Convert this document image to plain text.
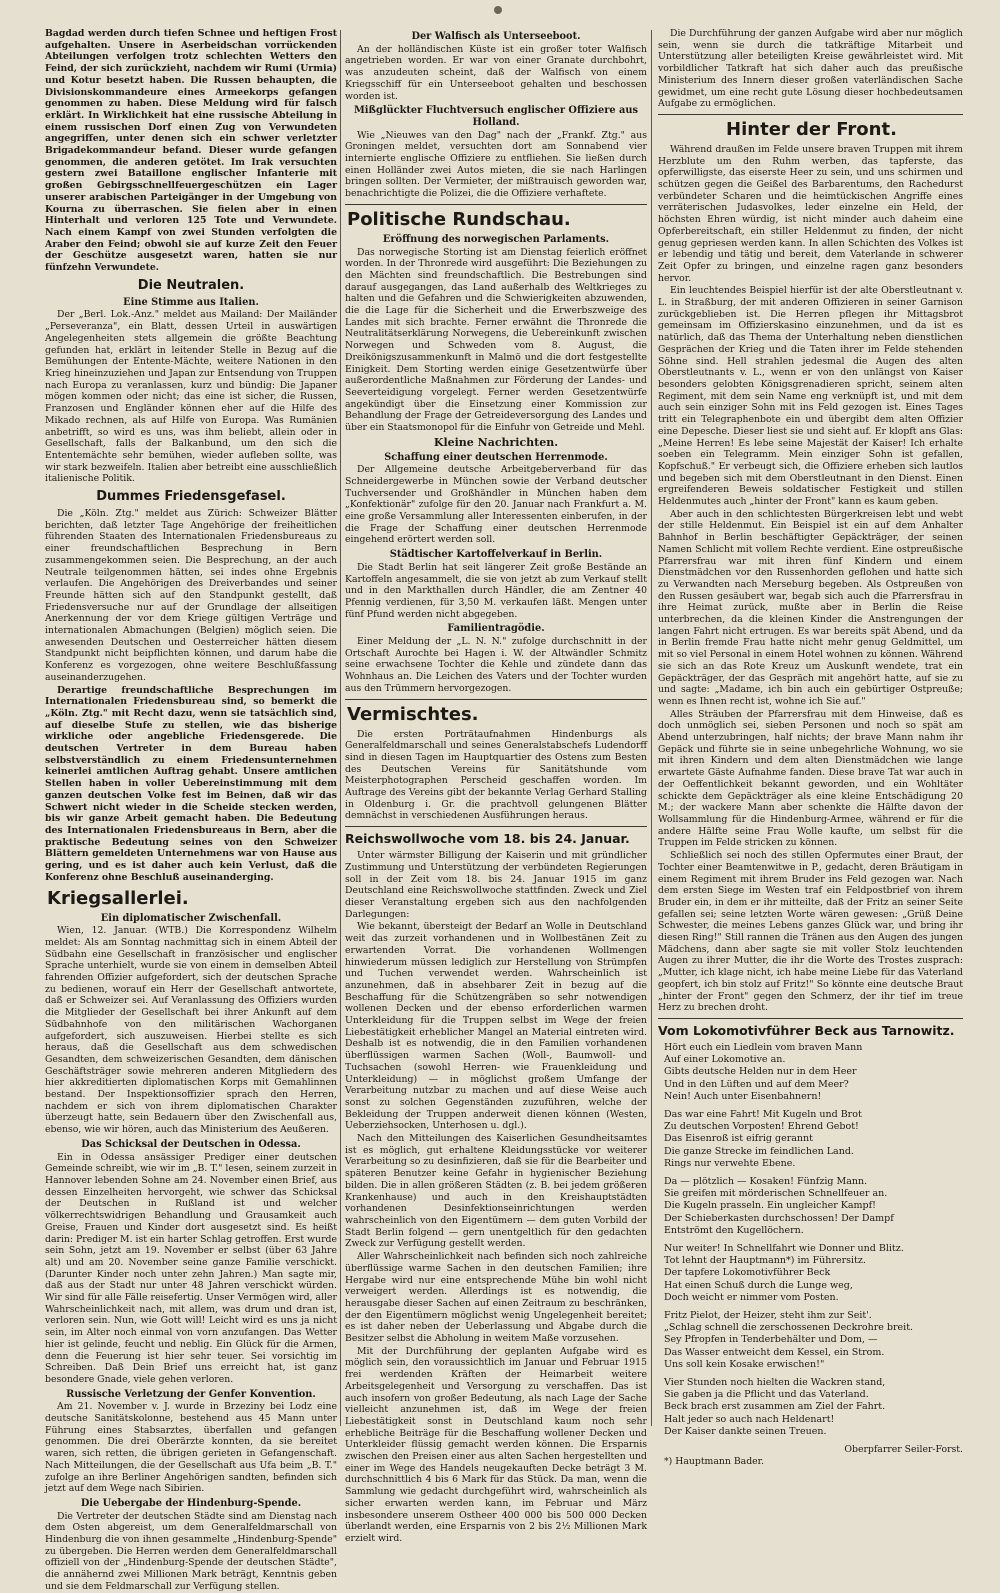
Bagdad werden durch tiefen Schnee und heftigen Frost aufgehalten. Unsere in Aserbeidschan vorrückenden Abteilungen verfolgen trotz schlechten Wetters den Feind, der sich zurückzieht, nachdem wir Rumi (Urmia) und Kotur besetzt haben. Die Russen behaupten, die Divisionskommandeure eines Armeekorps gefangen genommen zu haben. Diese Meldung wird für falsch erklärt. In Wirklichkeit hat eine russische Abteilung in einem russischen Dorf einen Zug von Verwundeten angegriffen, unter denen sich ein schwer verletzter Brigadekommandeur befand. Dieser wurde gefangen genommen, die anderen getötet. Im Irak versuchten gestern zwei Bataillone englischer Infanterie mit großen Gebirgsschnellfeuergeschützen ein Lager unserer arabischen Parteigänger in der Umgebung von Kourna zu überraschen. Sie fielen aber in einen Hinterhalt und verloren 125 Tote und Verwundete. Nach einem Kampf von zwei Stunden verfolgten die Araber den Feind; obwohl sie auf kurze Zeit den Feuer der Geschütze ausgesetzt waren, hatten sie nur fünfzehn Verwundete.

Die Neutralen.
Eine Stimme aus Italien.

Der „Berl. Lok.-Anz." meldet aus Mailand: Der Mailänder „Perseveranza", ein Blatt, dessen Urteil in auswärtigen Angelegenheiten stets allgemein die größte Beachtung gefunden hat, erklärt in leitender Stelle in Bezug auf die Bemühungen der Entente-Mächte, weitere Nationen in den Krieg hineinzuziehen und Japan zur Entsendung von Truppen nach Europa zu veranlassen, kurz und bündig: Die Japaner mögen kommen oder nicht; das eine ist sicher, die Russen, Franzosen und Engländer können eher auf die Hilfe des Mikado rechnen, als auf Hilfe von Europa. Was Rumänien anbetrifft, so wird es uns, was ihm beliebt, allein oder in Gesellschaft, falls der Balkanbund, um den sich die Ententemächte sehr bemühen, wieder aufleben sollte, was wir stark bezweifeln. Italien aber betreibt eine ausschließlich italienische Politik.

Dummes Friedensgefasel.

Die „Köln. Ztg." meldet aus Zürich: Schweizer Blätter berichten, daß letzter Tage Angehörige der freiheitlichen führenden Staaten des Internationalen Friedensbureaus zu einer freundschaftlichen Besprechung in Bern zusammengekommen seien. Die Besprechung, an der auch Neutrale teilgenommen hätten, sei indes ohne Ergebnis verlaufen. Die Angehörigen des Dreiverbandes und seiner Freunde hätten sich auf den Standpunkt gestellt, daß Friedensversuche nur auf der Grundlage der allseitigen Anerkennung der vor dem Kriege gültigen Verträge und internationalen Abmachungen (Belgien) möglich seien. Die anwesenden Deutschen und Oesterreicher hätten diesem Standpunkt nicht beipflichten können, und darum habe die Konferenz es vorgezogen, ohne weitere Beschlußfassung auseinanderzugehen.

Derartige freundschaftliche Besprechungen im Internationalen Friedensbureau sind, so bemerkt die „Köln. Ztg." mit Recht dazu, wenn sie tatsächlich sind, auf dieselbe Stufe zu stellen, wie das bisherige wirkliche oder angebliche Friedensgerede. Die deutschen Vertreter in dem Bureau haben selbstverständlich zu einem Friedensunternehmen keinerlei amtlichen Auftrag gehabt. Unsere amtlichen Stellen haben in voller Uebereinstimmung mit dem ganzen deutschen Volke fest im Beinen, daß wir das Schwert nicht wieder in die Scheide stecken werden, bis wir ganze Arbeit gemacht haben. Die Bedeutung des Internationalen Friedensbureaus in Bern, aber die praktische Bedeutung seines von den Schweizer Blättern gemeldeten Unternehmens war von Hause aus gering, und es ist daher auch kein Verlust, daß die Konferenz ohne Beschluß auseinanderging.

Kriegsallerlei.
Ein diplomatischer Zwischenfall.

Wien, 12. Januar. (WTB.) Die Korrespondenz Wilhelm meldet: Als am Sonntag nachmittag sich in einem Abteil der Südbahn eine Gesellschaft in französischer und englischer Sprache unterhielt, wurde sie von einem in demselben Abteil fahrenden Offizier aufgefordert, sich der deutschen Sprache zu bedienen, worauf ein Herr der Gesellschaft antwortete, daß er Schweizer sei. Auf Veranlassung des Offiziers wurden die Mitglieder der Gesellschaft bei ihrer Ankunft auf dem Südbahnhofe von den militärischen Wachorganen aufgefordert, sich auszuweisen. Hierbei stellte es sich heraus, daß die Gesellschaft aus dem schwedischen Gesandten, dem schweizerischen Gesandten, dem dänischen Geschäftsträger sowie mehreren anderen Mitgliedern des hier akkreditierten diplomatischen Korps mit Gemahlinnen bestand. Der Inspektionsoffizier sprach den Herren, nachdem er sich von ihrem diplomatischen Charakter überzeugt hatte, sein Bedauern über den Zwischenfall aus, ebenso, wie wir hören, auch das Ministerium des Aeußeren.

Das Schicksal der Deutschen in Odessa.

Ein in Odessa ansässiger Prediger einer deutschen Gemeinde schreibt, wie wir im „B. T." lesen, seinem zurzeit in Hannover lebenden Sohne am 24. November einen Brief, aus dessen Einzelheiten hervorgeht, wie schwer das Schicksal der Deutschen in Rußland ist und welcher völkerrechtswidrigen Behandlung und Grausamkeit auch Greise, Frauen und Kinder dort ausgesetzt sind. Es heißt darin: Prediger M. ist ein harter Schlag getroffen. Erst wurde sein Sohn, jetzt am 19. November er selbst (über 63 Jahre alt) und am 20. November seine ganze Familie verschickt. (Darunter Kinder noch unter zehn Jahren.) Man sagte mir, daß aus der Stadt nur unter 48 Jahren verschickt würden. Wir sind für alle Fälle reisefertig. Unser Vermögen wird, aller Wahrscheinlichkeit nach, mit allem, was drum und dran ist, verloren sein. Nun, wie Gott will! Leicht wird es uns ja nicht sein, im Alter noch einmal von vorn anzufangen. Das Wetter hier ist gelinde, feucht und neblig. Ein Glück für die Armen, denn die Feuerung ist hier sehr teuer. Sei vorsichtig im Schreiben. Daß Dein Brief uns erreicht hat, ist ganz besondere Gnade, viele gehen verloren.

Russische Verletzung der Genfer Konvention.

Am 21. November v. J. wurde in Brzeziny bei Lodz eine deutsche Sanitätskolonne, bestehend aus 45 Mann unter Führung eines Stabsarztes, überfallen und gefangen genommen. Die drei Oberärzte konnten, da sie bereitet waren, sich retten, die übrigen gerieten in Gefangenschaft. Nach Mitteilungen, die der Gesellschaft aus Ufa beim „B. T." zufolge an ihre Berliner Angehörigen sandten, befinden sich jetzt auf dem Wege nach Sibirien.

Die Uebergabe der Hindenburg-Spende.

Die Vertreter der deutschen Städte sind am Dienstag nach dem Osten abgereist, um dem Generalfeldmarschall von Hindenburg die von ihnen gesammelte „Hindenburg-Spende" zu übergeben. Die Herren werden dem Generalfeldmarschall offiziell von der „Hindenburg-Spende der deutschen Städte", die annähernd zwei Millionen Mark beträgt, Kenntnis geben und sie dem Feldmarschall zur Verfügung stellen.

Der Walfisch als Unterseeboot.

An der holländischen Küste ist ein großer toter Walfisch angetrieben worden. Er war von einer Granate durchbohrt, was anzudeuten scheint, daß der Walfisch von einem Kriegsschiff für ein Unterseeboot gehalten und beschossen worden ist.

Mißglückter Fluchtversuch englischer Offiziere aus Holland.

Wie „Nieuwes van den Dag" nach der „Frankf. Ztg." aus Groningen meldet, versuchten dort am Sonnabend vier internierte englische Offiziere zu entfliehen. Sie ließen durch einen Holländer zwei Autos mieten, die sie nach Harlingen bringen sollten. Der Vermieter, der mißtrauisch geworden war, benachrichtigte die Polizei, die die Offiziere verhaftete.

Politische Rundschau.
Eröffnung des norwegischen Parlaments.

Das norwegische Storting ist am Dienstag feierlich eröffnet worden. In der Thronrede wird ausgeführt: Die Beziehungen zu den Mächten sind freundschaftlich. Die Bestrebungen sind darauf ausgegangen, das Land außerhalb des Weltkrieges zu halten und die Gefahren und die Schwierigkeiten abzuwenden, die die Lage für die Sicherheit und die Erwerbszweige des Landes mit sich brachte. Ferner erwähnt die Thronrede die Neutralitätserklärung Norwegens, die Uebereinkunft zwischen Norwegen und Schweden vom 8. August, die Dreikönigszusammenkunft in Malmö und die dort festgestellte Einigkeit. Dem Storting werden einige Gesetzentwürfe über außerordentliche Maßnahmen zur Förderung der Landes- und Seeverteidigung vorgelegt. Ferner werden Gesetzentwürfe angekündigt über die Einsetzung einer Kommission zur Behandlung der Frage der Getreideversorgung des Landes und über ein Staatsmonopol für die Einfuhr von Getreide und Mehl.

Kleine Nachrichten.
Schaffung einer deutschen Herrenmode.

Der Allgemeine deutsche Arbeitgeberverband für das Schneidergewerbe in München sowie der Verband deutscher Tuchversender und Großhändler in München haben dem „Konfektionär" zufolge für den 20. Januar nach Frankfurt a. M. eine große Versammlung aller Interessenten einberufen, in der die Frage der Schaffung einer deutschen Herrenmode eingehend erörtert werden soll.

Städtischer Kartoffelverkauf in Berlin.

Die Stadt Berlin hat seit längerer Zeit große Bestände an Kartoffeln angesammelt, die sie von jetzt ab zum Verkauf stellt und in den Markthallen durch Händler, die am Zentner 40 Pfennig verdienen, für 3,50 M. verkaufen läßt. Mengen unter fünf Pfund werden nicht abgegeben.

Familientragödie.

Einer Meldung der „L. N. N." zufolge durchschnitt in der Ortschaft Aurochte bei Hagen i. W. der Altwändler Schmitz seine erwachsene Tochter die Kehle und zündete dann das Wohnhaus an. Die Leichen des Vaters und der Tochter wurden aus den Trümmern hervorgezogen.

Vermischtes.

Die ersten Porträtaufnahmen Hindenburgs als Generalfeldmarschall und seines Generalstabschefs Ludendorff sind in diesen Tagen im Hauptquartier des Ostens zum Besten des Deutschen Vereins für Sanitätshunde vom Meisterphotographen Perscheid geschaffen worden. Im Auftrage des Vereins gibt der bekannte Verlag Gerhard Stalling in Oldenburg i. Gr. die prachtvoll gelungenen Blätter demnächst in verschiedenen Ausführungen heraus.

Reichswollwoche vom 18. bis 24. Januar.

Unter wärmster Billigung der Kaiserin und mit gründlicher Zustimmung und Unterstützung der verbündeten Regierungen soll in der Zeit vom 18. bis 24. Januar 1915 im ganz Deutschland eine Reichswollwoche stattfinden. Zweck und Ziel dieser Veranstaltung ergeben sich aus den nachfolgenden Darlegungen:

Wie bekannt, übersteigt der Bedarf an Wolle in Deutschland weit das zurzeit vorhandenen und in Wollbestänen Zeit zu erwartenden Vorrat. Die vorhandenen Wollmengen hinwiederum müssen lediglich zur Herstellung von Strümpfen und Tuchen verwendet werden. Wahrscheinlich ist anzunehmen, daß in absehbarer Zeit in bezug auf die Beschaffung für die Schützengräben so sehr notwendigen wollenen Decken und der ebenso erforderlichen warmen Unterkleidung für die Truppen selbst im Wege der freien Liebestätigkeit erheblicher Mangel an Material eintreten wird. Deshalb ist es notwendig, die in den Familien vorhandenen überflüssigen warmen Sachen (Woll-, Baumwoll- und Tuchsachen (sowohl Herren- wie Frauenkleidung und Unterkleidung) — in möglichst großem Umfange der Verarbeitung nutzbar zu machen und auf diese Weise auch sonst zu solchen Gegenständen zuzuführen, welche der Bekleidung der Truppen anderweit dienen können (Westen, Ueberziehsocken, Unterhosen u. dgl.).

Nach den Mitteilungen des Kaiserlichen Gesundheitsamtes ist es möglich, gut erhaltene Kleidungsstücke vor weiterer Verarbeitung so zu desinfizieren, daß sie für die Bearbeiter und späteren Benutzer keine Gefahr in hygienischer Beziehung bilden. Die in allen größeren Städten (z. B. bei jedem größeren Krankenhause) und auch in den Kreishauptstädten vorhandenen Desinfektionseinrichtungen werden wahrscheinlich von den Eigentümern — dem guten Vorbild der Stadt Berlin folgend — gern unentgeltlich für den gedachten Zweck zur Verfügung gestellt werden.

Aller Wahrscheinlichkeit nach befinden sich noch zahlreiche überflüssige warme Sachen in den deutschen Familien; ihre Hergabe wird nur eine entsprechende Mühe bin wohl nicht verweigert werden. Allerdings ist es notwendig, die herausgabe dieser Sachen auf einen Zeitraum zu beschränken, der den Eigentümern möglichst wenig Ungelegenheit bereitet; es ist daher neben der Ueberlassung und Abgabe durch die Besitzer selbst die Abholung in weitem Maße vorzusehen.

Mit der Durchführung der geplanten Aufgabe wird es möglich sein, den voraussichtlich im Januar und Februar 1915 frei werdenden Kräften der Heimarbeit weitere Arbeitsgelegenheit und Versorgung zu verschaffen. Das ist auch insofern von großer Bedeutung, als nach Lage der Sache vielleicht anzunehmen ist, daß im Wege der freien Liebestätigkeit sonst in Deutschland kaum noch sehr erhebliche Beiträge für die Beschaffung wollener Decken und Unterkleider flüssig gemacht werden können. Die Ersparnis zwischen den Preisen einer aus alten Sachen hergestellten und einer im Wege des Handels neugekauften Decke beträgt 3 M. durchschnittlich 4 bis 6 Mark für das Stück. Da man, wenn die Sammlung wie gedacht durchgeführt wird, wahrscheinlich als sicher erwarten werden kann, im Februar und März insbesondere unserem Ostheer 400 000 bis 500 000 Decken überlandt werden, eine Ersparnis von 2 bis 2½ Millionen Mark erzielt wird.

Die Durchführung der ganzen Aufgabe wird aber nur möglich sein, wenn sie durch die tatkräftige Mitarbeit und Unterstützung aller beteiligten Kreise gewährleistet wird. Mit vorbildlicher Tatkraft hat sich daher auch das preußische Ministerium des Innern dieser großen vaterländischen Sache gewidmet, um eine recht gute Lösung dieser hochbedeutsamen Aufgabe zu ermöglichen.

Hinter der Front.

Während draußen im Felde unsere braven Truppen mit ihrem Herzblute um den Ruhm werben, das tapferste, das opferwilligste, das eiserste Heer zu sein, und uns schirmen und schützen gegen die Geißel des Barbarentums, den Rachedurst verbündeter Scharen und die heimtückischen Angriffe eines verräterischen Judasvolkes, leder einzelne ein Held, der höchsten Ehren würdig, ist nicht minder auch daheim eine Opferbereitschaft, ein stiller Heldenmut zu finden, der nicht genug gepriesen werden kann. In allen Schichten des Volkes ist er lebendig und tätig und bereit, dem Vaterlande in schwerer Zeit Opfer zu bringen, und einzelne ragen ganz besonders hervor.

Ein leuchtendes Beispiel hierfür ist der alte Oberstleutnant v. L. in Straßburg, der mit anderen Offizieren in seiner Garnison zurückgeblieben ist. Die Herren pflegen ihr Mittagsbrot gemeinsam im Offizierskasino einzunehmen, und da ist es natürlich, daß das Thema der Unterhaltung neben dienstlichen Gesprächen der Krieg und die Taten ihrer im Felde stehenden Söhne sind. Hell strahlen jedesmal die Augen des alten Oberstleutnants v. L., wenn er von den unlängst von Kaiser besonders gelobten Königsgrenadieren spricht, seinem alten Regiment, mit dem sein Name eng verknüpft ist, und mit dem auch sein einziger Sohn mit ins Feld gezogen ist. Eines Tages tritt ein Telegraphenbote ein und übergibt dem alten Offizier eine Depesche. Dieser liest sie und sieht auf. Er klopft ans Glas: „Meine Herren! Es lebe seine Majestät der Kaiser! Ich erhalte soeben ein Telegramm. Mein einziger Sohn ist gefallen, Kopfschuß." Er verbeugt sich, die Offiziere erheben sich lautlos und begeben sich mit dem Oberstleutnant in den Dienst. Einen ergreifenderen Beweis soldatischer Festigkeit und stillen Heldenmutes auch „hinter der Front" kann es kaum geben.

Aber auch in den schlichtesten Bürgerkreisen lebt und webt der stille Heldenmut. Ein Beispiel ist ein auf dem Anhalter Bahnhof in Berlin beschäftigter Gepäckträger, der seinen Namen Schlicht mit vollem Rechte verdient. Eine ostpreußische Pfarrersfrau war mit ihren fünf Kindern und einem Dienstmädchen vor den Russenhorden geflohen und hatte sich zu Verwandten nach Merseburg begeben. Als Ostpreußen von den Russen gesäubert war, begab sich auch die Pfarrersfrau in ihre Heimat zurück, mußte aber in Berlin die Reise unterbrechen, da die kleinen Kinder die Anstrengungen der langen Fahrt nicht ertrugen. Es war bereits spät Abend, und da in Berlin fremde Frau hatte nicht mehr genug Geldmittel, um mit so viel Personal in einem Hotel wohnen zu können. Während sie sich an das Rote Kreuz um Auskunft wendete, trat ein Gepäckträger, der das Gespräch mit angehört hatte, auf sie zu und sagte: „Madame, ich bin auch ein gebürtiger Ostpreuße; wenn es Ihnen recht ist, wohne ich Sie auf."

Alles Sträuben der Pfarrersfrau mit dem Hinweise, daß es doch unmöglich sei, sieben Personen und noch so spät am Abend unterzubringen, half nichts; der brave Mann nahm ihr Gepäck und führte sie in seine unbegehrliche Wohnung, wo sie mit ihren Kindern und dem alten Dienstmädchen wie lange erwartete Gäste Aufnahme fanden. Diese brave Tat war auch in der Oeffentlichkeit bekannt geworden, und ein Wohltäter schickte dem Gepäckträger als eine kleine Entschädigung 20 M.; der wackere Mann aber schenkte die Hälfte davon der Wollsammlung für die Hindenburg-Armee, während er für die andere Hälfte seine Frau Wolle kaufte, um selbst für die Truppen im Felde stricken zu können.

Schließlich sei noch des stillen Opfermutes einer Braut, der Tochter einer Beamtenwitwe in P., gedacht, deren Bräutigam in einem Regiment mit ihrem Bruder ins Feld gezogen war. Nach dem ersten Siege im Westen traf ein Feldpostbrief von ihrem Bruder ein, in dem er ihr mitteilte, daß der Fritz an seiner Seite gefallen sei; seine letzten Worte wären gewesen: „Grüß Deine Schwester, die meines Lebens ganzes Glück war, und bring ihr diesen Ring!" Still rannen die Tränen aus den Augen des jungen Mädchens, dann aber sagte sie mit voller Stolz leuchtenden Augen zu ihrer Mutter, die ihr die Worte des Trostes zusprach: „Mutter, ich klage nicht, ich habe meine Liebe für das Vaterland geopfert, ich bin stolz auf Fritz!" So könnte eine deutsche Braut „hinter der Front" gegen den Schmerz, der ihr tief im treue Herz zu brechen droht.

Vom Lokomotivführer Beck aus Tarnowitz.
Hört euch ein Liedlein vom braven Mann
Auf einer Lokomotive an.
Gibts deutsche Helden nur in dem Heer
Und in den Lüften und auf dem Meer?
Nein! Auch unter Eisenbahnern!
Das war eine Fahrt! Mit Kugeln und Brot
Zu deutschen Vorposten! Ehrend Gebot!
Das Eisenroß ist eifrig gerannt
Die ganze Strecke im feindlichen Land.
Rings nur verwehte Ebene.
Da — plötzlich — Kosaken! Fünfzig Mann.
Sie greifen mit mörderischen Schnellfeuer an.
Die Kugeln prasseln. Ein ungleicher Kampf!
Der Schieberkasten durchschossen! Der Dampf
Entströmt den Kugellöchern.
Nur weiter! In Schnellfahrt wie Donner und Blitz.
Tot lehnt der Hauptmann*) im Führersitz.
Der tapfere Lokomotivführer Beck
Hat einen Schuß durch die Lunge weg,
Doch weicht er nimmer vom Posten.
Fritz Pielot, der Heizer, steht ihm zur Seit'.
„Schlag schnell die zerschossenen Deckrohre breit.
Sey Pfropfen in Tenderbehälter und Dom, —
Das Wasser entweicht dem Kessel, ein Strom.
Uns soll kein Kosake erwischen!"
Vier Stunden noch hielten die Wackren stand,
Sie gaben ja die Pflicht und das Vaterland.
Beck brach erst zusammen am Ziel der Fahrt.
Halt jeder so auch nach Heldenart!
Der Kaiser dankte seinen Treuen.
Oberpfarrer Seiler-Forst.
*) Hauptmann Bader.
